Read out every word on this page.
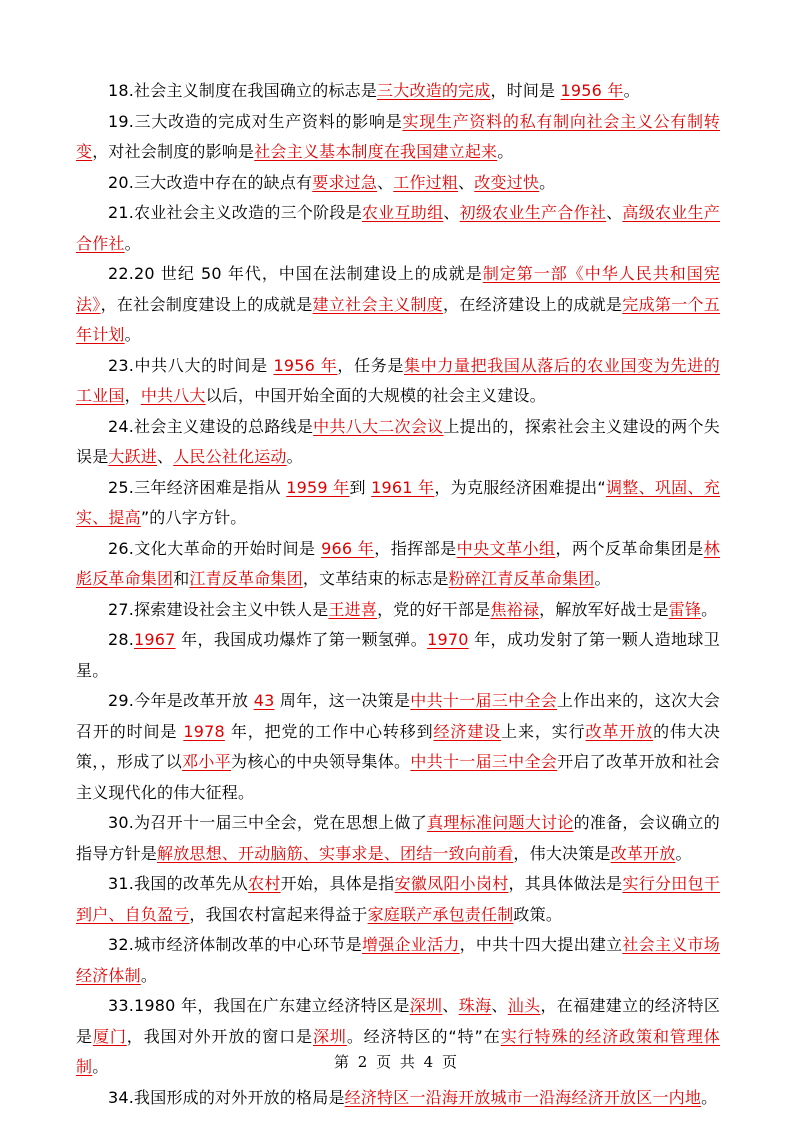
18.社会主义制度在我国确立的标志是三大改造的完成，时间是 1956 年。

19.三大改造的完成对生产资料的影响是实现生产资料的私有制向社会主义公有制转变，对社会制度的影响是社会主义基本制度在我国建立起来。

20.三大改造中存在的缺点有要求过急、工作过粗、改变过快。

21.农业社会主义改造的三个阶段是农业互助组、初级农业生产合作社、高级农业生产合作社。

22.20 世纪 50 年代，中国在法制建设上的成就是制定第一部《中华人民共和国宪法》，在社会制度建设上的成就是建立社会主义制度，在经济建设上的成就是完成第一个五年计划。

23.中共八大的时间是 1956 年，任务是集中力量把我国从落后的农业国变为先进的工业国，中共八大以后，中国开始全面的大规模的社会主义建设。

24.社会主义建设的总路线是中共八大二次会议上提出的，探索社会主义建设的两个失误是大跃进、人民公社化运动。

25.三年经济困难是指从 1959 年到 1961 年，为克服经济困难提出“调整、巩固、充实、提高”的八字方针。

26.文化大革命的开始时间是 966 年，指挥部是中央文革小组，两个反革命集团是林彪反革命集团和江青反革命集团，文革结束的标志是粉碎江青反革命集团。

27.探索建设社会主义中铁人是王进喜，党的好干部是焦裕禄，解放军好战士是雷锋。

28.1967 年，我国成功爆炸了第一颗氢弹。1970 年，成功发射了第一颗人造地球卫星。

29.今年是改革开放 43 周年，这一决策是中共十一届三中全会上作出来的，这次大会召开的时间是 1978 年，把党的工作中心转移到经济建设上来，实行改革开放的伟大决策，，形成了以邓小平为核心的中央领导集体。中共十一届三中全会开启了改革开放和社会主义现代化的伟大征程。

30.为召开十一届三中全会，党在思想上做了真理标准问题大讨论的准备，会议确立的指导方针是解放思想、开动脑筋、实事求是、团结一致向前看，伟大决策是改革开放。

31.我国的改革先从农村开始，具体是指安徽凤阳小岗村，其具体做法是实行分田包干到户、自负盈亏，我国农村富起来得益于家庭联产承包责任制政策。

32.城市经济体制改革的中心环节是增强企业活力，中共十四大提出建立社会主义市场经济体制。

33.1980 年，我国在广东建立经济特区是深圳、珠海、汕头，在福建建立的经济特区是厦门，我国对外开放的窗口是深圳。经济特区的“特”在实行特殊的经济政策和管理体制。

34.我国形成的对外开放的格局是经济特区一沿海开放城市一沿海经济开放区一内地。

第 2 页 共 4 页
